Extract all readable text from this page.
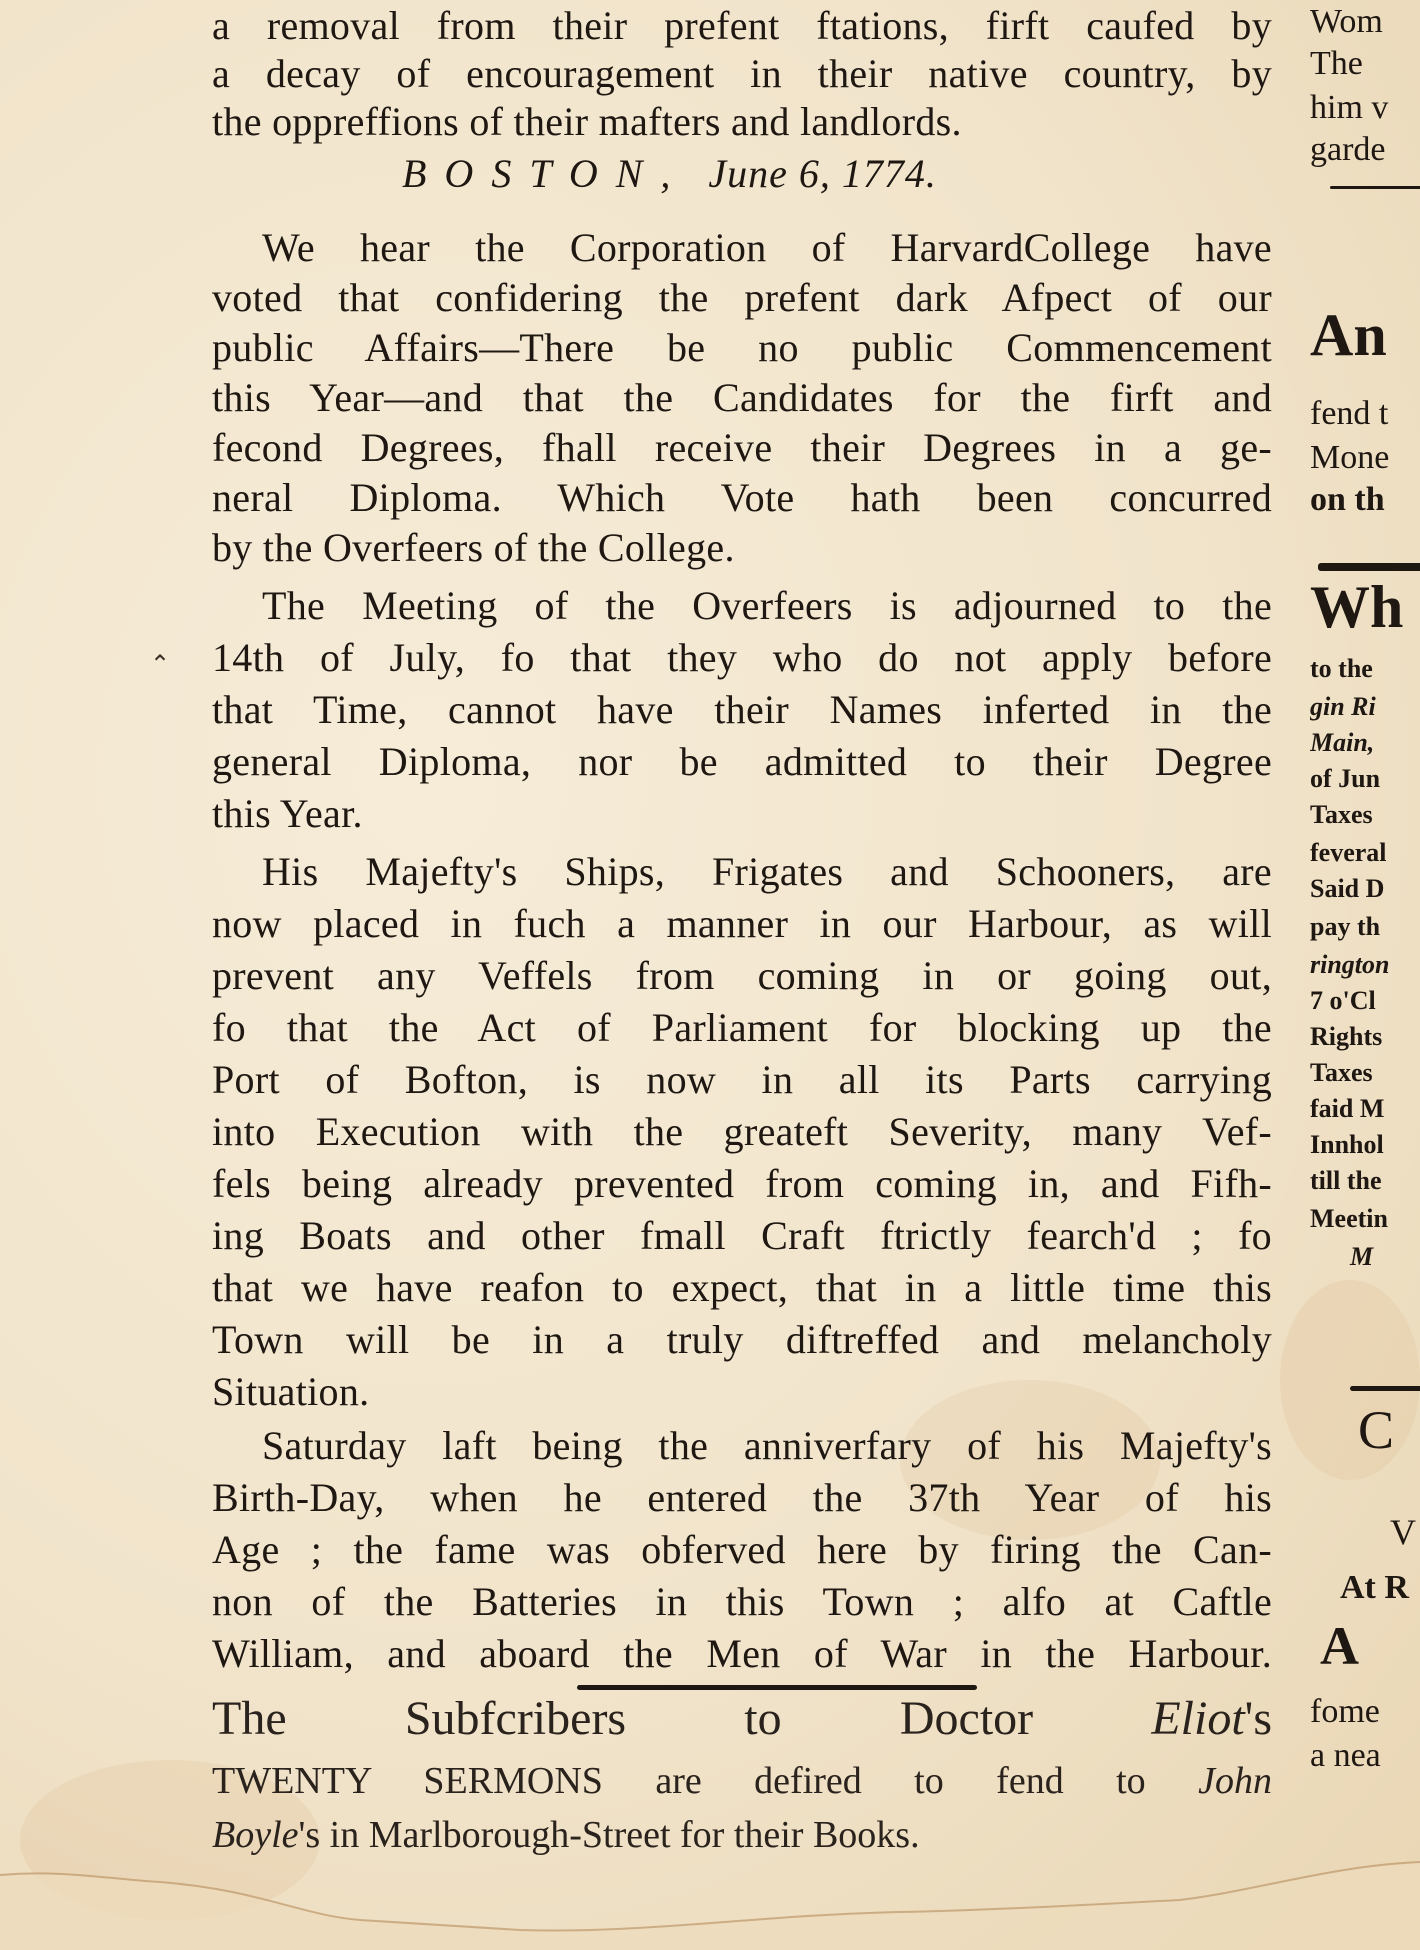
⌃
a removal from their prefent ftations, firft caufed by
a decay of encouragement in their native country, by
the oppreffions of their mafters and landlords.
BOSTON, June 6, 1774.
We hear the Corporation of HarvardCollege have
voted that confidering the prefent dark Afpect of our
public Affairs—There be no public Commencement
this Year—and that the Candidates for the firft and
fecond Degrees, fhall receive their Degrees in a ge-
neral Diploma. Which Vote hath been concurred
by the Overfeers of the College.
The Meeting of the Overfeers is adjourned to the
14th of July, fo that they who do not apply before
that Time, cannot have their Names inferted in the
general Diploma, nor be admitted to their Degree
this Year.
His Majefty's Ships, Frigates and Schooners, are
now placed in fuch a manner in our Harbour, as will
prevent any Veffels from coming in or going out,
fo that the Act of Parliament for blocking up the
Port of Bofton, is now in all its Parts carrying
into Execution with the greateft Severity, many Vef-
fels being already prevented from coming in, and Fifh-
ing Boats and other fmall Craft ftrictly fearch'd ; fo
that we have reafon to expect, that in a little time this
Town will be in a truly diftreffed and melancholy
Situation.
Saturday laft being the anniverfary of his Majefty's
Birth-Day, when he entered the 37th Year of his
Age ; the fame was obferved here by firing the Can-
non of the Batteries in this Town ; alfo at Caftle
William, and aboard the Men of War in the Harbour.
The Subfcribers to Doctor Eliot's
TWENTY SERMONS are defired to fend to John
Boyle's in Marlborough-Street for their Books.
Wom
The
him v
garde
An
fend t
Mone
on th
Wh
to the
gin Ri
Main,
of Jun
Taxes
feveral
Said D
pay th
rington
7 o'Cl
Rights
Taxes
faid M
Innhol
till the
Meetin
M
C
V
At R
A
fome
a nea
